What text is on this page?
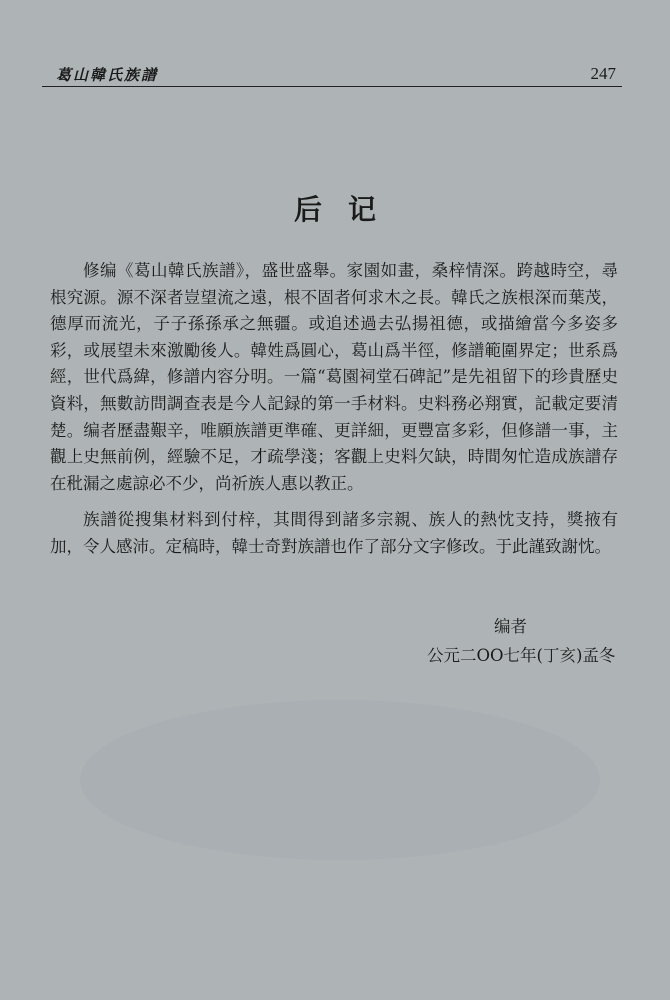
葛山韓氏族譜	247
后记

修编《葛山韓氏族譜》，盛世盛舉。家園如畫，桑梓情深。跨越時空，尋根究源。源不深者豈望流之遠，根不固者何求木之長。韓氏之族根深而葉茂，德厚而流光，子子孫孫承之無疆。或追述過去弘揚祖德，或描繪當今多姿多彩，或展望未來激勵後人。韓姓爲圓心，葛山爲半徑，修譜範圍界定；世系爲經，世代爲緯，修譜内容分明。一篇“葛園祠堂石碑記”是先祖留下的珍貴歷史資料，無數訪問調查表是今人記録的第一手材料。史料務必翔實，記載定要清楚。编者歷盡艱辛，唯願族譜更準確、更詳細，更豐富多彩，但修譜一事，主觀上史無前例，經驗不足，才疏學淺；客觀上史料欠缺，時間匆忙造成族譜存在秕漏之處諒必不少，尚祈族人惠以教正。

族譜從搜集材料到付梓，其間得到諸多宗親、族人的熱忱支持，獎掖有加，令人感沛。定稿時，韓士奇對族譜也作了部分文字修改。于此謹致謝忱。

编者
公元二OO七年(丁亥)孟冬
